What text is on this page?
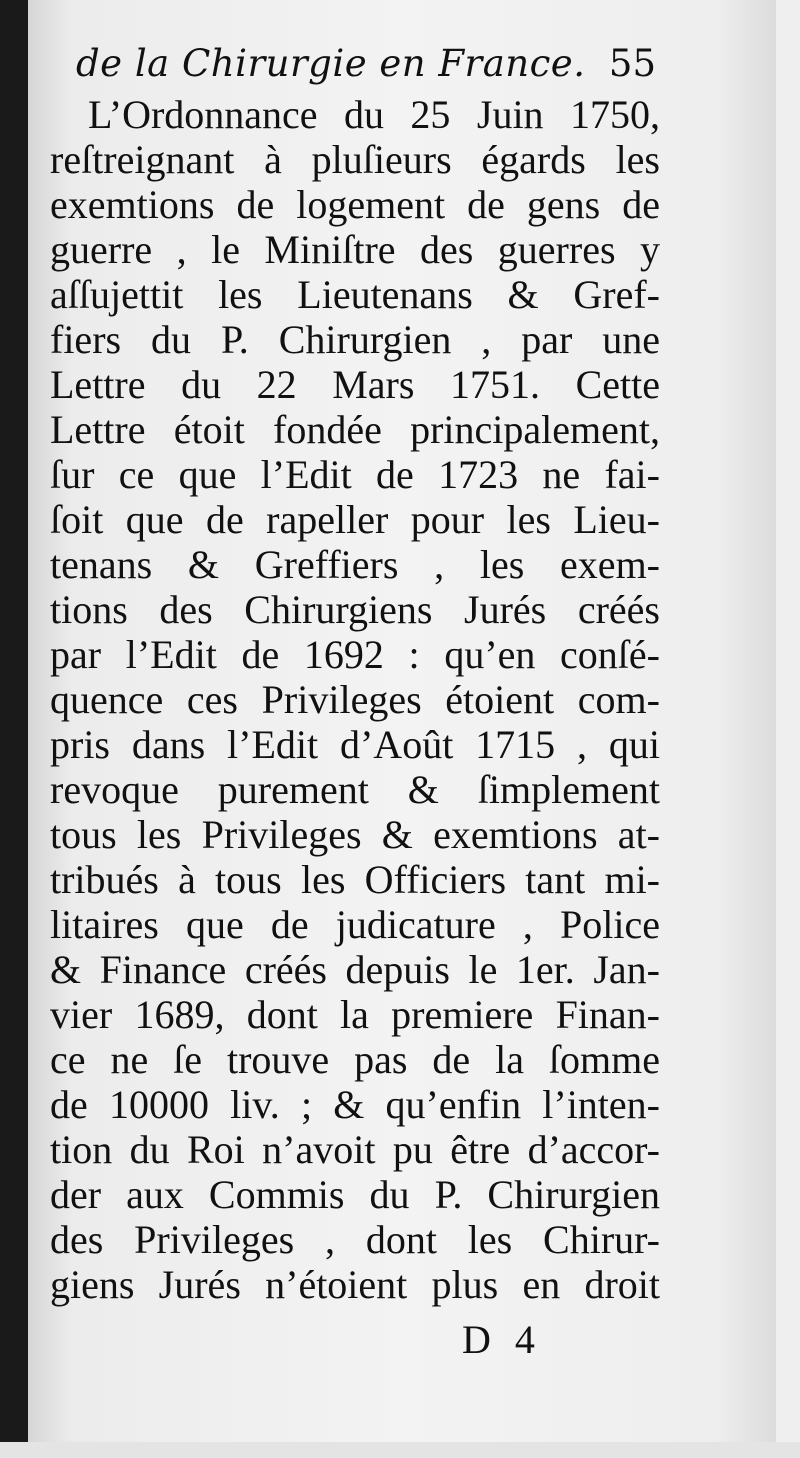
de la Chirurgie en France. 55
L’Ordonnance du 25 Juin 1750,
reſtreignant à pluſieurs égards les
exemtions de logement de gens de
guerre , le Miniſtre des guerres y
aſſujettit les Lieutenans & Gref-
fiers du P. Chirurgien , par une
Lettre du 22 Mars 1751. Cette
Lettre étoit fondée principalement,
ſur ce que l’Edit de 1723 ne fai-
ſoit que de rapeller pour les Lieu-
tenans & Greffiers , les exem-
tions des Chirurgiens Jurés créés
par l’Edit de 1692 : qu’en conſé-
quence ces Privileges étoient com-
pris dans l’Edit d’Août 1715 , qui
revoque purement & ſimplement
tous les Privileges & exemtions at-
tribués à tous les Officiers tant mi-
litaires que de judicature , Police
& Finance créés depuis le 1er. Jan-
vier 1689, dont la premiere Finan-
ce ne ſe trouve pas de la ſomme
de 10000 liv. ; & qu’enfin l’inten-
tion du Roi n’avoit pu être d’accor-
der aux Commis du P. Chirurgien
des Privileges , dont les Chirur-
giens Jurés n’étoient plus en droit
D 4
